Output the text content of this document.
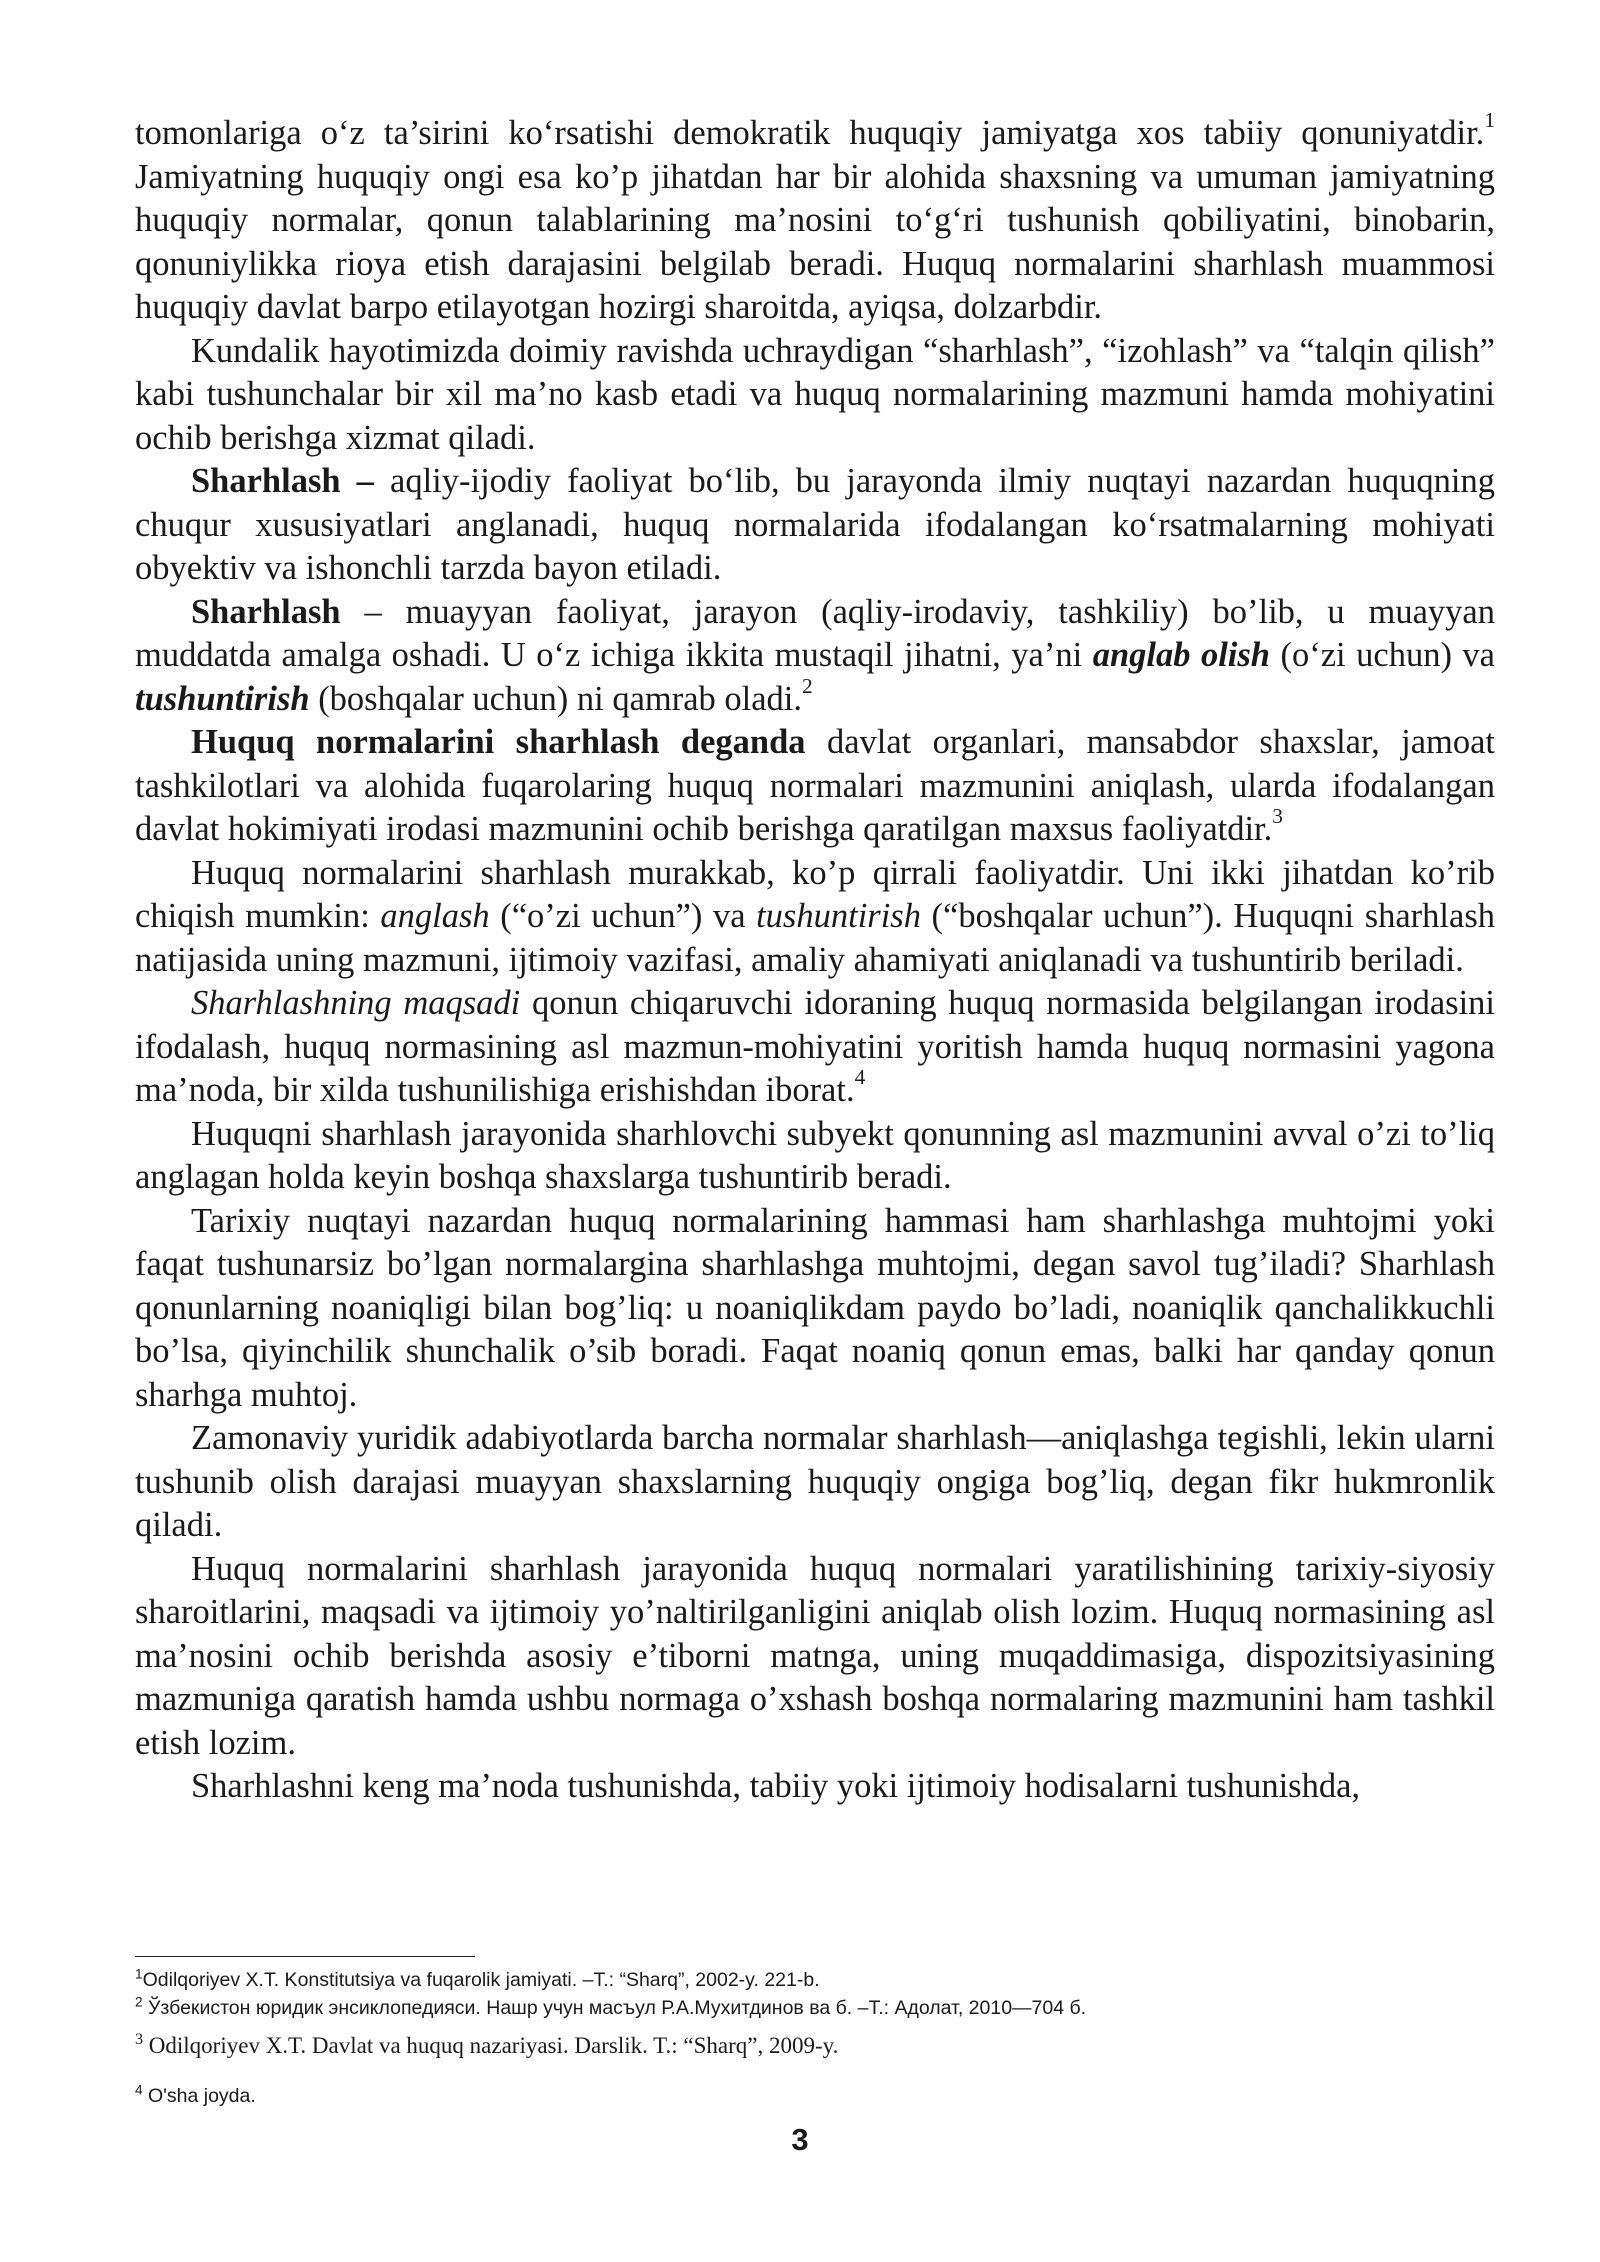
tomonlariga o‘z ta’sirini ko‘rsatishi demokratik huquqiy jamiyatga xos tabiiy qonuniyatdir.$^1$ Jamiyatning huquqiy ongi esa ko’p jihatdan har bir alohida shaxsning va umuman jamiyatning huquqiy normalar, qonun talablarining ma’nosini to‘g‘ri tushunish qobiliyatini, binobarin, qonuniylikka rioya etish darajasini belgilab beradi. Huquq normalarini sharhlash muammosi huquqiy davlat barpo etilayotgan hozirgi sharoitda, ayiqsa, dolzarbdir.

Kundalik hayotimizda doimiy ravishda uchraydigan “sharhlash”, “izohlash” va “talqin qilish” kabi tushunchalar bir xil ma’no kasb etadi va huquq normalarining mazmuni hamda mohiyatini ochib berishga xizmat qiladi.

Sharhlash – aqliy-ijodiy faoliyat bo‘lib, bu jarayonda ilmiy nuqtayi nazardan huquqning chuqur xususiyatlari anglanadi, huquq normalarida ifodalangan ko‘rsatmalarning mohiyati obyektiv va ishonchli tarzda bayon etiladi.

Sharhlash – muayyan faoliyat, jarayon (aqliy-irodaviy, tashkiliy) bo’lib, u muayyan muddatda amalga oshadi. U o‘z ichiga ikkita mustaqil jihatni, ya’ni anglab olish (o‘zi uchun) va tushuntirish (boshqalar uchun) ni qamrab oladi.$^2$

Huquq normalarini sharhlash deganda davlat organlari, mansabdor shaxslar, jamoat tashkilotlari va alohida fuqarolaring huquq normalari mazmunini aniqlash, ularda ifodalangan davlat hokimiyati irodasi mazmunini ochib berishga qaratilgan maxsus faoliyatdir.$^3$

Huquq normalarini sharhlash murakkab, ko’p qirrali faoliyatdir. Uni ikki jihatdan ko’rib chiqish mumkin: anglash (“o’zi uchun”) va tushuntirish (“boshqalar uchun”). Huquqni sharhlash natijasida uning mazmuni, ijtimoiy vazifasi, amaliy ahamiyati aniqlanadi va tushuntirib beriladi.

Sharhlashning maqsadi qonun chiqaruvchi idoraning huquq normasida belgilangan irodasini ifodalash, huquq normasining asl mazmun-mohiyatini yoritish hamda huquq normasini yagona ma’noda, bir xilda tushunilishiga erishishdan iborat.$^4$

Huquqni sharhlash jarayonida sharhlovchi subyekt qonunning asl mazmunini avval o’zi to’liq anglagan holda keyin boshqa shaxslarga tushuntirib beradi.

Tarixiy nuqtayi nazardan huquq normalarining hammasi ham sharhlashga muhtojmi yoki faqat tushunarsiz bo’lgan normalargina sharhlashga muhtojmi, degan savol tug’iladi? Sharhlash qonunlarning noaniqligi bilan bog’liq: u noaniqlikdam paydo bo’ladi, noaniqlik qanchalikkuchli bo’lsa, qiyinchilik shunchalik o’sib boradi. Faqat noaniq qonun emas, balki har qanday qonun sharhga muhtoj.

Zamonaviy yuridik adabiyotlarda barcha normalar sharhlash—aniqlashga tegishli, lekin ularni tushunib olish darajasi muayyan shaxslarning huquqiy ongiga bog’liq, degan fikr hukmronlik qiladi.

Huquq normalarini sharhlash jarayonida huquq normalari yaratilishining tarixiy-siyosiy sharoitlarini, maqsadi va ijtimoiy yo’naltirilganligini aniqlab olish lozim. Huquq normasining asl ma’nosini ochib berishda asosiy e’tiborni matnga, uning muqaddimasiga, dispozitsiyasining mazmuniga qaratish hamda ushbu normaga o’xshash boshqa normalaring mazmunini ham tashkil etish lozim.

Sharhlashni keng ma’noda tushunishda, tabiiy yoki ijtimoiy hodisalarni tushunishda,

$^1$Odilqoriyev X.T. Konstitutsiya va fuqarolik jamiyati. –T.: “Sharq”, 2002-y. 221-b.
$^2$ Ўзбекистон юридик энсиклопедияси. Нашр учун масъул Р.А.Мухитдинов ва б. –Т.: Адолат, 2010—704 б.
$^3$ Odilqoriyev X.T. Davlat va huquq nazariyasi. Darslik. T.: “Sharq”, 2009-y.
$^4$ O'sha joyda.
3
